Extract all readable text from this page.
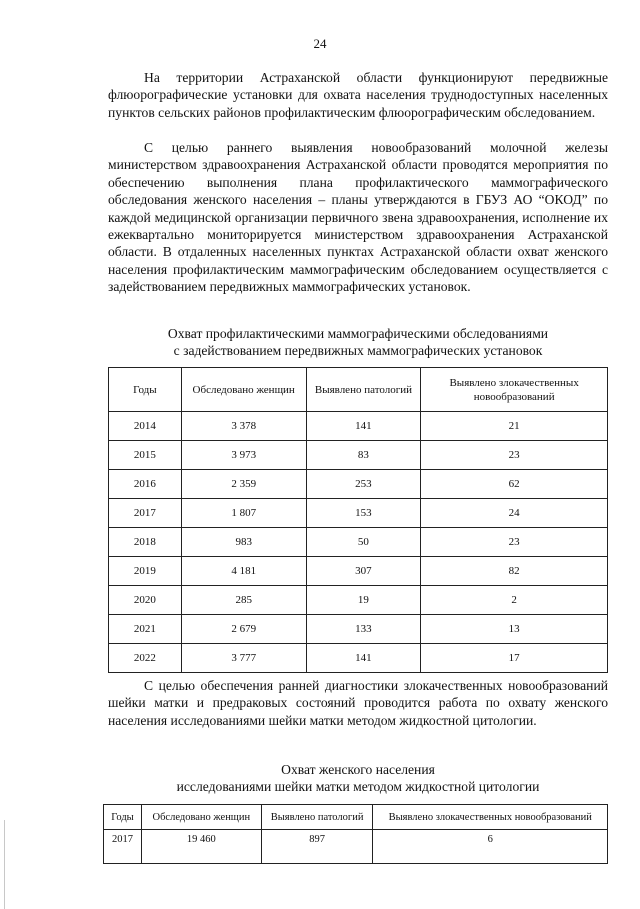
24

На территории Астраханской области функционируют передвижные флюорографические установки для охвата населения труднодоступных населенных пунктов сельских районов профилактическим флюорографическим обследованием.

С целью раннего выявления новообразований молочной железы министерством здравоохранения Астраханской области проводятся мероприятия по обеспечению выполнения плана профилактического маммографического обследования женского населения – планы утверждаются в ГБУЗ АО “ОКОД” по каждой медицинской организации первичного звена здравоохранения, исполнение их ежеквартально мониторируется министерством здравоохранения Астраханской области. В отдаленных населенных пунктах Астраханской области охват женского населения профилактическим маммографическим обследованием осуществляется с задействованием передвижных маммографических установок.

Охват профилактическими маммографическими обследованиями
с задействованием передвижных маммографических установок
Годы	Обследовано женщин	Выявлено патологий	Выявлено злокачественных новообразований
2014	3 378	141	21
2015	3 973	83	23
2016	2 359	253	62
2017	1 807	153	24
2018	983	50	23
2019	4 181	307	82
2020	285	19	2
2021	2 679	133	13
2022	3 777	141	17

С целью обеспечения ранней диагностики злокачественных новообразований шейки матки и предраковых состояний проводится работа по охвату женского населения исследованиями шейки матки методом жидкостной цитологии.

Охват женского населения
исследованиями шейки матки методом жидкостной цитологии
Годы	Обследовано женщин	Выявлено патологий	Выявлено злокачественных новообразований
2017	19 460	897	6
